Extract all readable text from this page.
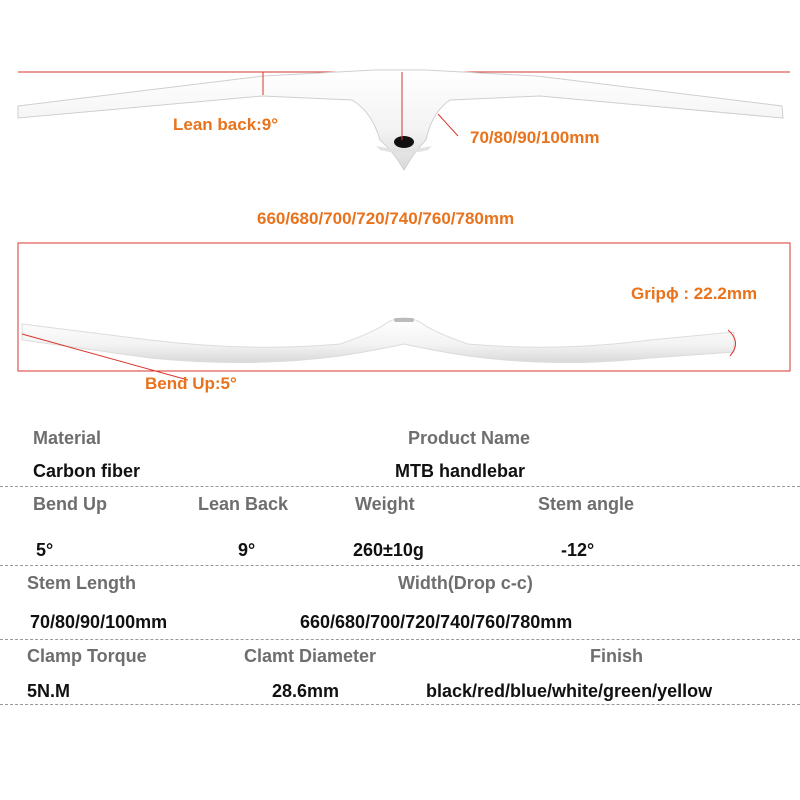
Lean back:9°
70/80/90/100mm
660/680/700/720/740/760/780mm
Gripϕ : 22.2mm
Bend Up:5°
Material	Product Name
Carbon fiber	MTB handlebar
Bend Up	Lean Back	Weight	Stem angle
5°	9°	260±10g	-12°
Stem Length	Width(Drop c-c)
70/80/90/100mm	660/680/700/720/740/760/780mm
Clamp Torque	Clamt Diameter	Finish
5N.M	28.6mm	black/red/blue/white/green/yellow
